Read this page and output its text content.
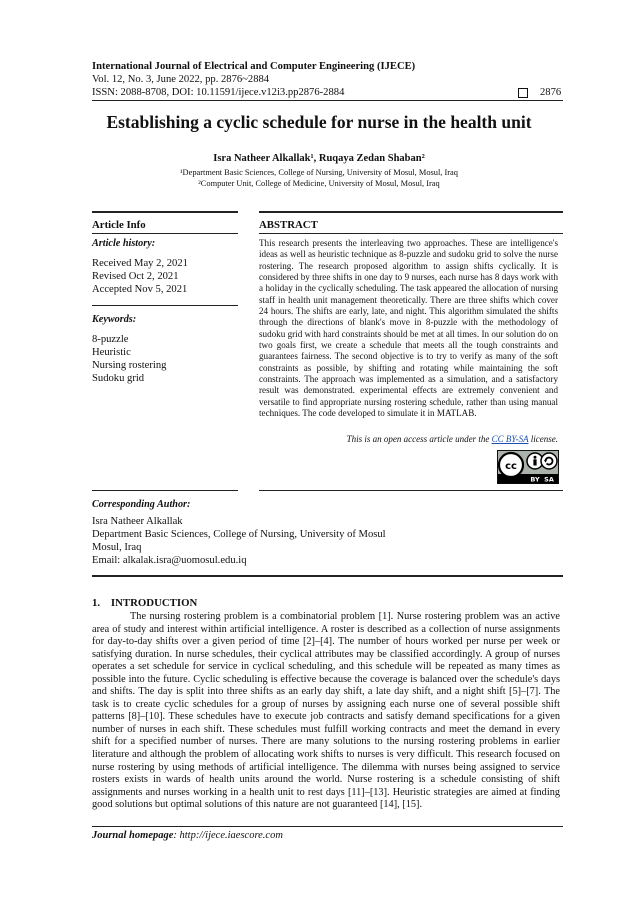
International Journal of Electrical and Computer Engineering (IJECE)
Vol. 12, No. 3, June 2022, pp. 2876~2884
ISSN: 2088-8708, DOI: 10.11591/ijece.v12i3.pp2876-2884	2876
Establishing a cyclic schedule for nurse in the health unit
Isra Natheer Alkallak¹, Ruqaya Zedan Shaban²
¹Department Basic Sciences, College of Nursing, University of Mosul, Mosul, Iraq
²Computer Unit, College of Medicine, University of Mosul, Mosul, Iraq
Article Info
Article history:
Received May 2, 2021
Revised Oct 2, 2021
Accepted Nov 5, 2021
Keywords:
8-puzzle
Heuristic
Nursing rostering
Sudoku grid
ABSTRACT
This research presents the interleaving two approaches. These are intelligence's ideas as well as heuristic technique as 8-puzzle and sudoku grid to solve the nurse rostering. The research proposed algorithm to assign shifts cyclically. It is considered by three shifts in one day to 9 nurses, each nurse has 8 days work with a holiday in the cyclically scheduling. The task appeared the allocation of nursing staff in health unit management theoretically. There are three shifts which cover 24 hours. The shifts are early, late, and night. This algorithm simulated the shifts through the directions of blank's move in 8-puzzle with the methodology of sudoku grid with hard constraints should be met at all times. In our solution do on two goals first, we create a schedule that meets all the tough constraints and guarantees fairness. The second objective is to try to verify as many of the soft constraints as possible, by shifting and rotating while maintaining the soft constraints. The approach was implemented as a simulation, and a satisfactory result was demonstrated. experimental effects are extremely convenient and versatile to find appropriate nursing rostering schedule, rather than using manual techniques. The code developed to simulate it in MATLAB.
This is an open access article under the CC BY-SA license.
cc
BY SA
Corresponding Author:
Isra Natheer Alkallak
Department Basic Sciences, College of Nursing, University of Mosul
Mosul, Iraq
Email: alkalak.isra@uomosul.edu.iq
1. INTRODUCTION
The nursing rostering problem is a combinatorial problem [1]. Nurse rostering problem was an active area of study and interest within artificial intelligence. A roster is described as a collection of nurse assignments for day-to-day shifts over a given period of time [2]–[4]. The number of hours worked per nurse per week or satisfying duration. In nurse schedules, their cyclical attributes may be classified accordingly. A group of nurses operates a set schedule for service in cyclical scheduling, and this schedule will be repeated as many times as possible into the future. Cyclic scheduling is effective because the coverage is balanced over the schedule's days and shifts. The day is split into three shifts as an early day shift, a late day shift, and a night shift [5]–[7]. The task is to create cyclic schedules for a group of nurses by assigning each nurse one of several possible shift patterns [8]–[10]. These schedules have to execute job contracts and satisfy demand specifications for a given number of nurses in each shift. These schedules must fulfill working contracts and meet the demand in every shift for a specified number of nurses. There are many solutions to the nursing rostering problems in earlier literature and although the problem of allocating work shifts to nurses is very difficult. This research focused on nurse rostering by using methods of artificial intelligence. The dilemma with nurses being assigned to service rosters exists in wards of health units around the world. Nurse rostering is a schedule consisting of shift assignments and nurses working in a health unit to rest days [11]–[13]. Heuristic strategies are aimed at finding good solutions but optimal solutions of this nature are not guaranteed [14], [15].
Journal homepage: http://ijece.iaescore.com
